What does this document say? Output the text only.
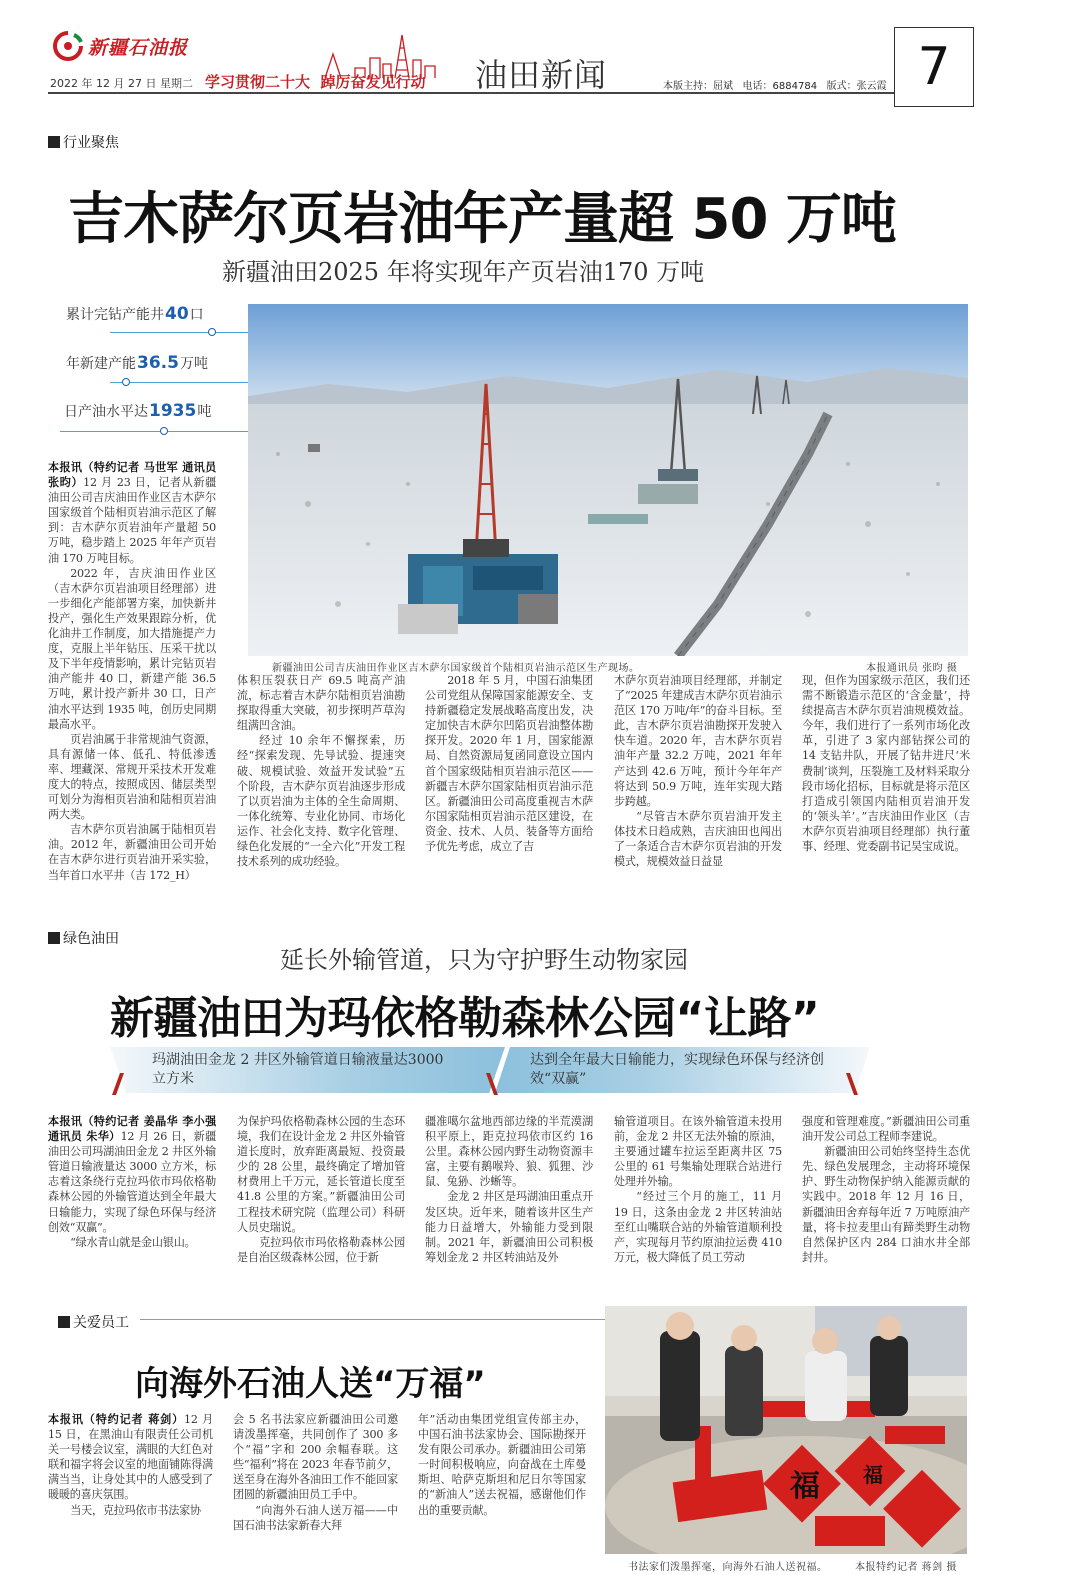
新疆石油报
2022 年 12 月 27 日 星期二 学习贯彻二十大  踔厉奋发见行动 油田新闻	本版主持：屈斌   电话：6884784   版式：张云霞 7
行业聚焦
吉木萨尔页岩油年产量超 50 万吨
新疆油田2025 年将实现年产页岩油170 万吨
累计完钻产能井 40 口
年新建产能 36.5 万吨
日产油水平达 1935 吨
新疆油田公司吉庆油田作业区吉木萨尔国家级首个陆相页岩油示范区生产现场。	本报通讯员 张昀 摄

本报讯（特约记者 马世军 通讯员 张昀）12 月 23 日，记者从新疆油田公司吉庆油田作业区吉木萨尔国家级首个陆相页岩油示范区了解到：吉木萨尔页岩油年产量超 50 万吨，稳步踏上 2025 年年产页岩油 170 万吨目标。

2022 年，吉庆油田作业区（吉木萨尔页岩油项目经理部）进一步细化产能部署方案，加快新井投产，强化生产效果跟踪分析，优化油井工作制度，加大措施提产力度，克服上半年钻压、压采干扰以及下半年疫情影响，累计完钻页岩油产能井 40 口，新建产能 36.5 万吨，累计投产新井 30 口，日产油水平达到 1935 吨，创历史同期最高水平。

页岩油属于非常规油气资源，具有源储一体、低孔、特低渗透率、埋藏深、常规开采技术开发难度大的特点，按照成因、储层类型可划分为海相页岩油和陆相页岩油两大类。

吉木萨尔页岩油属于陆相页岩油。2012 年，新疆油田公司开始在吉木萨尔进行页岩油开采实验，当年首口水平井（吉 172_H）

体积压裂获日产 69.5 吨高产油流，标志着吉木萨尔陆相页岩油勘探取得重大突破，初步探明芦草沟组满凹含油。

经过 10 余年不懈探索，历经“探索发现、先导试验、提速突破、规模试验、效益开发试验”五个阶段，吉木萨尔页岩油逐步形成了以页岩油为主体的全生命周期、一体化统筹、专业化协同、市场化运作、社会化支持、数字化管理、绿色化发展的“一全六化”开发工程技术系列的成功经验。

2018 年 5 月，中国石油集团公司党组从保障国家能源安全、支持新疆稳定发展战略高度出发，决定加快吉木萨尔凹陷页岩油整体勘探开发。2020 年 1 月，国家能源局、自然资源局复函同意设立国内首个国家级陆相页岩油示范区——新疆吉木萨尔国家陆相页岩油示范区。新疆油田公司高度重视吉木萨尔国家陆相页岩油示范区建设，在资金、技术、人员、装备等方面给予优先考虑，成立了吉

木萨尔页岩油项目经理部，并制定了“2025 年建成吉木萨尔页岩油示范区 170 万吨/年”的奋斗目标。至此，吉木萨尔页岩油勘探开发驶入快车道。2020 年，吉木萨尔页岩油年产量 32.2 万吨，2021 年年产达到 42.6 万吨，预计今年年产将达到 50.9 万吨，连年实现大踏步跨越。

“尽管吉木萨尔页岩油开发主体技术日趋成熟，吉庆油田也闯出了一条适合吉木萨尔页岩油的开发模式，规模效益日益显

现，但作为国家级示范区，我们还需不断锻造示范区的‘含金量’，持续提高吉木萨尔页岩油规模效益。今年，我们进行了一系列市场化改革，引进了 3 家内部钻探公司的 14 支钻井队，开展了钻井进尺‘米费制’谈判，压裂施工及材料采取分段市场化招标，目标就是将示范区打造成引领国内陆相页岩油开发的‘领头羊’。”吉庆油田作业区（吉木萨尔页岩油项目经理部）执行董事、经理、党委副书记吴宝成说。

绿色油田
延长外输管道，只为守护野生动物家园
新疆油田为玛依格勒森林公园“让路”
玛湖油田金龙 2 井区外输管道日输液量达3000 立方米
达到全年最大日输能力，实现绿色环保与经济创效“双赢”

本报讯（特约记者 姜晶华 李小强 通讯员 朱华）12 月 26 日，新疆油田公司玛湖油田金龙 2 井区外输管道日输液量达 3000 立方米，标志着这条绕行克拉玛依市玛依格勒森林公园的外输管道达到全年最大日输能力，实现了绿色环保与经济创效“双赢”。

“绿水青山就是金山银山。

为保护玛依格勒森林公园的生态环境，我们在设计金龙 2 井区外输管道长度时，放弃距离最短、投资最少的 28 公里，最终确定了增加管材费用上千万元，延长管道长度至 41.8 公里的方案。”新疆油田公司工程技术研究院（监理公司）科研人员史瑞说。

克拉玛依市玛依格勒森林公园是自治区级森林公园，位于新

疆准噶尔盆地西部边缘的半荒漠湖积平原上，距克拉玛依市区约 16 公里。森林公园内野生动物资源丰富，主要有鹅喉羚、狼、狐狸、沙鼠、兔狲、沙蜥等。

金龙 2 井区是玛湖油田重点开发区块。近年来，随着该井区生产能力日益增大，外输能力受到限制。2021 年，新疆油田公司积极筹划金龙 2 井区转油站及外

输管道项目。在该外输管道未投用前，金龙 2 井区无法外输的原油，主要通过罐车拉运至距离井区 75 公里的 61 号集输处理联合站进行处理并外输。

“经过三个月的施工，11 月 19 日，这条由金龙 2 井区转油站至红山嘴联合站的外输管道顺利投产，实现每月节约原油拉运费 410 万元，极大降低了员工劳动

强度和管理难度。”新疆油田公司重油开发公司总工程师李建说。

新疆油田公司始终坚持生态优先、绿色发展理念，主动将环境保护、野生动物保护纳入能源贡献的实践中。2018 年 12 月 16 日，新疆油田舍弃每年近 7 万吨原油产量，将卡拉麦里山有蹄类野生动物自然保护区内 284 口油水井全部封井。

关爱员工
向海外石油人送“万福”

本报讯（特约记者 蒋剑）12 月 15 日，在黑油山有限责任公司机关一号楼会议室，满眼的大红色对联和福字将会议室的地面铺陈得满满当当，让身处其中的人感受到了暖暖的喜庆氛围。

当天，克拉玛依市书法家协

会 5 名书法家应新疆油田公司邀请泼墨挥毫，共同创作了 300 多个“福”字和 200 余幅春联。这些“福利”将在 2023 年春节前夕，送至身在海外各油田工作不能回家团圆的新疆油田员工手中。

“向海外石油人送万福——中国石油书法家新春大拜

年”活动由集团党组宣传部主办，中国石油书法家协会、国际勘探开发有限公司承办。新疆油田公司第一时间积极响应，向奋战在土库曼斯坦、哈萨克斯坦和尼日尔等国家的“新油人”送去祝福，感谢他们作出的重要贡献。

福 福
书法家们泼墨挥毫，向海外石油人送祝福。	本报特约记者 蒋剑 摄
